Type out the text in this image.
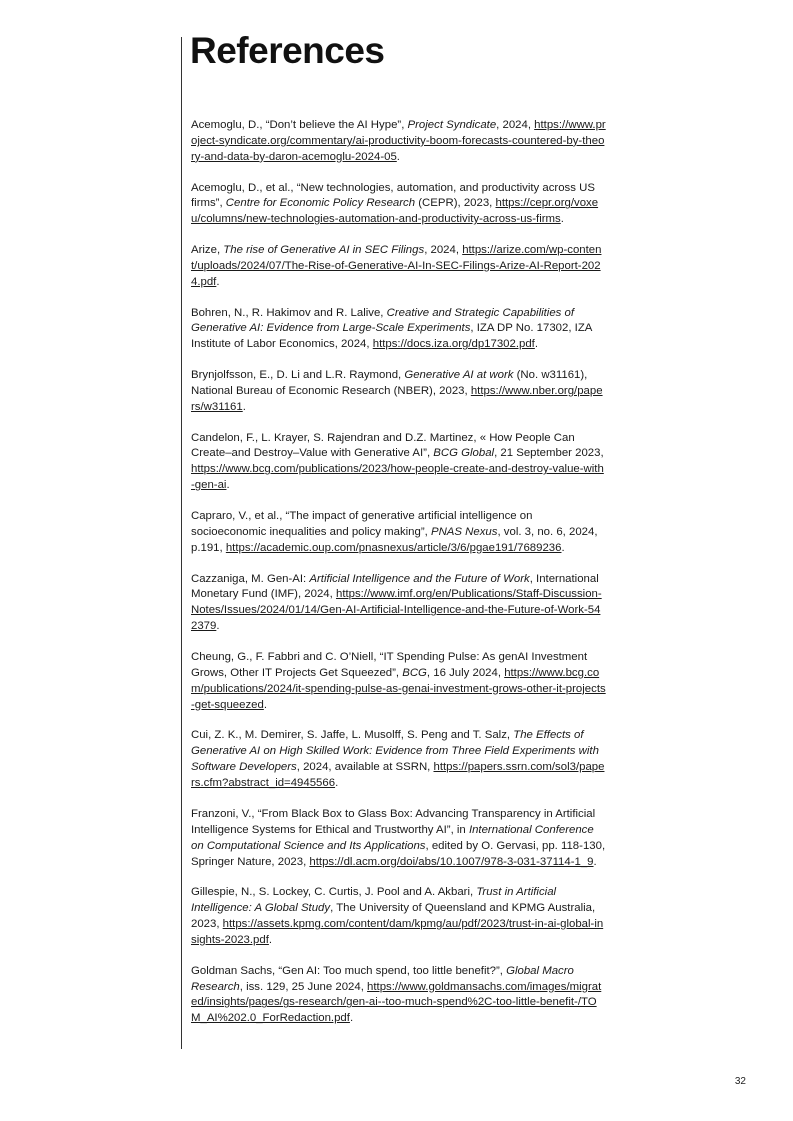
References

Acemoglu, D., “Don’t believe the AI Hype”, Project Syndicate, 2024, https://www.project-syndicate.org/commentary/ai-productivity-boom-forecasts-countered-by-theory-and-data-by-daron-acemoglu-2024-05.

Acemoglu, D., et al., “New technologies, automation, and productivity across US firms”, Centre for Economic Policy Research (CEPR), 2023, https://cepr.org/voxeu/columns/new-technologies-automation-and-productivity-across-us-firms.

Arize, The rise of Generative AI in SEC Filings, 2024, https://arize.com/wp-content/uploads/2024/07/The-Rise-of-Generative-AI-In-SEC-Filings-Arize-AI-Report-2024.pdf.

Bohren, N., R. Hakimov and R. Lalive, Creative and Strategic Capabilities of Generative AI: Evidence from Large-Scale Experiments, IZA DP No. 17302, IZA Institute of Labor Economics, 2024, https://docs.iza.org/dp17302.pdf.

Brynjolfsson, E., D. Li and L.R. Raymond, Generative AI at work (No. w31161), National Bureau of Economic Research (NBER), 2023, https://www.nber.org/papers/w31161.

Candelon, F., L. Krayer, S. Rajendran and D.Z. Martinez, « How People Can Create–and Destroy–Value with Generative AI”, BCG Global, 21 September 2023, https://www.bcg.com/publications/2023/how-people-create-and-destroy-value-with-gen-ai.

Capraro, V., et al., “The impact of generative artificial intelligence on socioeconomic inequalities and policy making”, PNAS Nexus, vol. 3, no. 6, 2024, p.191, https://academic.oup.com/pnasnexus/article/3/6/pgae191/7689236.

Cazzaniga, M. Gen-AI: Artificial Intelligence and the Future of Work, International Monetary Fund (IMF), 2024, https://www.imf.org/en/Publications/Staff-Discussion-Notes/Issues/2024/01/14/Gen-AI-Artificial-Intelligence-and-the-Future-of-Work-542379.

Cheung, G., F. Fabbri and C. O’Niell, “IT Spending Pulse: As genAI Investment Grows, Other IT Projects Get Squeezed”, BCG, 16 July 2024, https://www.bcg.com/publications/2024/it-spending-pulse-as-genai-investment-grows-other-it-projects-get-squeezed.

Cui, Z. K., M. Demirer, S. Jaffe, L. Musolff, S. Peng and T. Salz, The Effects of Generative AI on High Skilled Work: Evidence from Three Field Experiments with Software Developers, 2024, available at SSRN, https://papers.ssrn.com/sol3/papers.cfm?abstract_id=4945566.

Franzoni, V., “From Black Box to Glass Box: Advancing Transparency in Artificial Intelligence Systems for Ethical and Trustworthy AI”, in International Conference on Computational Science and Its Applications, edited by O. Gervasi, pp. 118-130, Springer Nature, 2023, https://dl.acm.org/doi/abs/10.1007/978-3-031-37114-1_9.

Gillespie, N., S. Lockey, C. Curtis, J. Pool and A. Akbari, Trust in Artificial Intelligence: A Global Study, The University of Queensland and KPMG Australia, 2023, https://assets.kpmg.com/content/dam/kpmg/au/pdf/2023/trust-in-ai-global-insights-2023.pdf.

Goldman Sachs, “Gen AI: Too much spend, too little benefit?”, Global Macro Research, iss. 129, 25 June 2024, https://www.goldmansachs.com/images/migrated/insights/pages/gs-research/gen-ai--too-much-spend%2C-too-little-benefit-/TOM_AI%202.0_ForRedaction.pdf.

32
